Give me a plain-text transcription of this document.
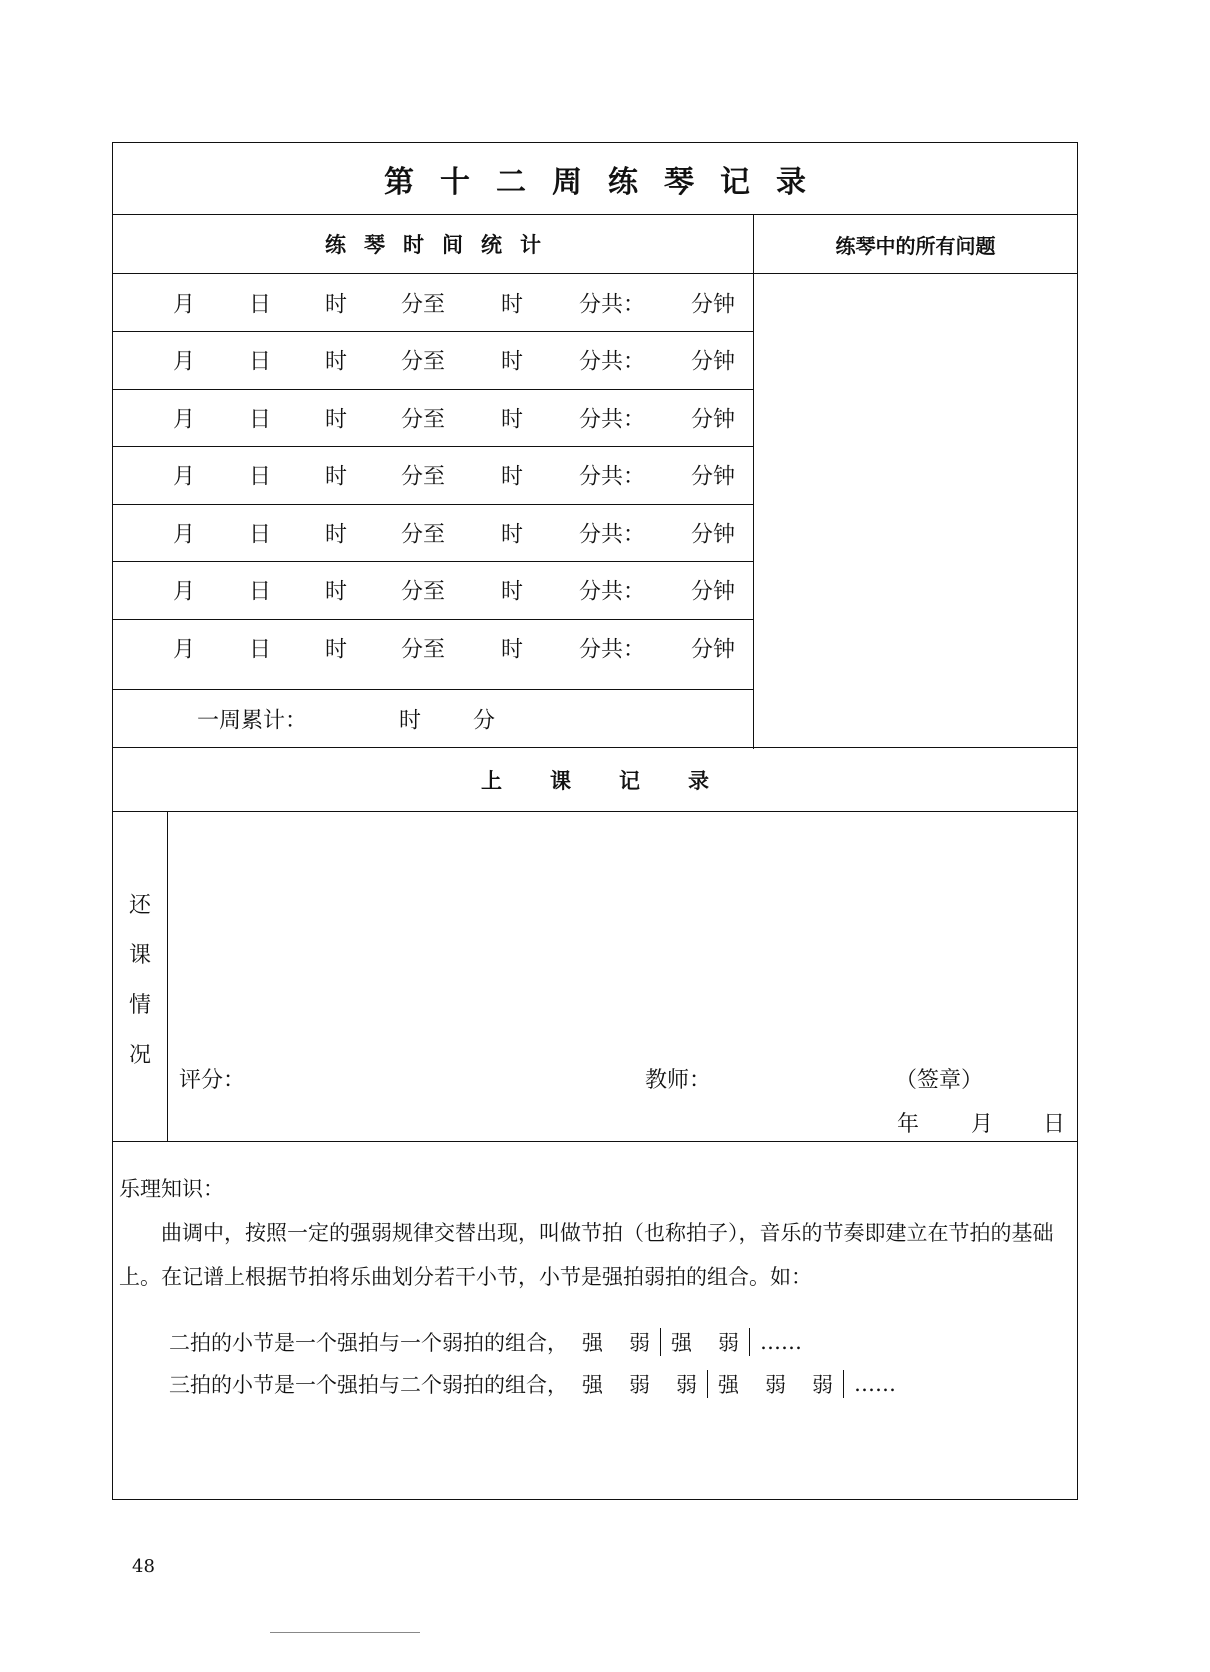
第十二周练琴记录
练琴时间统计	练琴中的所有问题
月 日 时 分至	时	分共： 分钟
月 日 时 分至	时	分共： 分钟
月 日 时 分至	时	分共： 分钟
月 日 时 分至	时	分共： 分钟
月 日 时 分至	时	分共： 分钟
月 日 时 分至	时	分共： 分钟
月 日 时 分至	时	分共： 分钟
一周累计：	时 分
上课记录
还
课
情
况
评分：	教师：	（签章）
年 月 日

乐理知识：

曲调中，按照一定的强弱规律交替出现，叫做节拍（也称拍子），音乐的节奏即建立在节拍的基础上。在记谱上根据节拍将乐曲划分若干小节，小节是强拍弱拍的组合。如：

二拍的小节是一个强拍与一个弱拍的组合， 强 弱 强 弱 ……
三拍的小节是一个强拍与二个弱拍的组合， 强 弱 弱 强 弱 弱 ……
48
